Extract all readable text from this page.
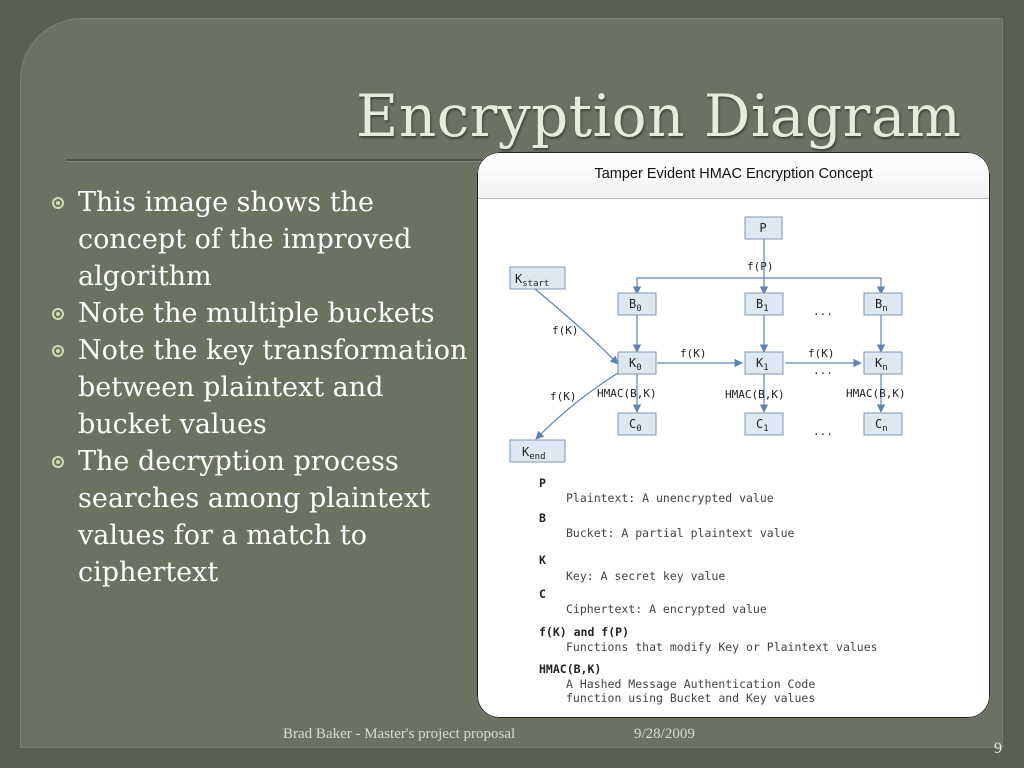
Encryption Diagram
This image shows the concept of the improved algorithm
Note the multiple buckets
Note the key transformation between plaintext and bucket values
The decryption process searches among plaintext values for a match to ciphertext
Tamper Evident HMAC Encryption Concept
P
$K_{start}$
$B_0$	$B_1$	$B_n$
$K_0$	$K_1$	$K_n$
$C_0$	$C_1$	$C_n$
$K_{end}$
f(P)
f(K)
f(K)	f(K)
f(K) HMAC(B,K)	HMAC(B,K)	HMAC(B,K)
...
...
...
P
Plaintext: A unencrypted value
B
Bucket: A partial plaintext value
K
Key: A secret key value
C
Ciphertext: A encrypted value
f(K) and f(P)
Functions that modify Key or Plaintext values
HMAC(B,K)
A Hashed Message Authentication Code
function using Bucket and Key values
Brad Baker - Master's project proposal	9/28/2009
9
